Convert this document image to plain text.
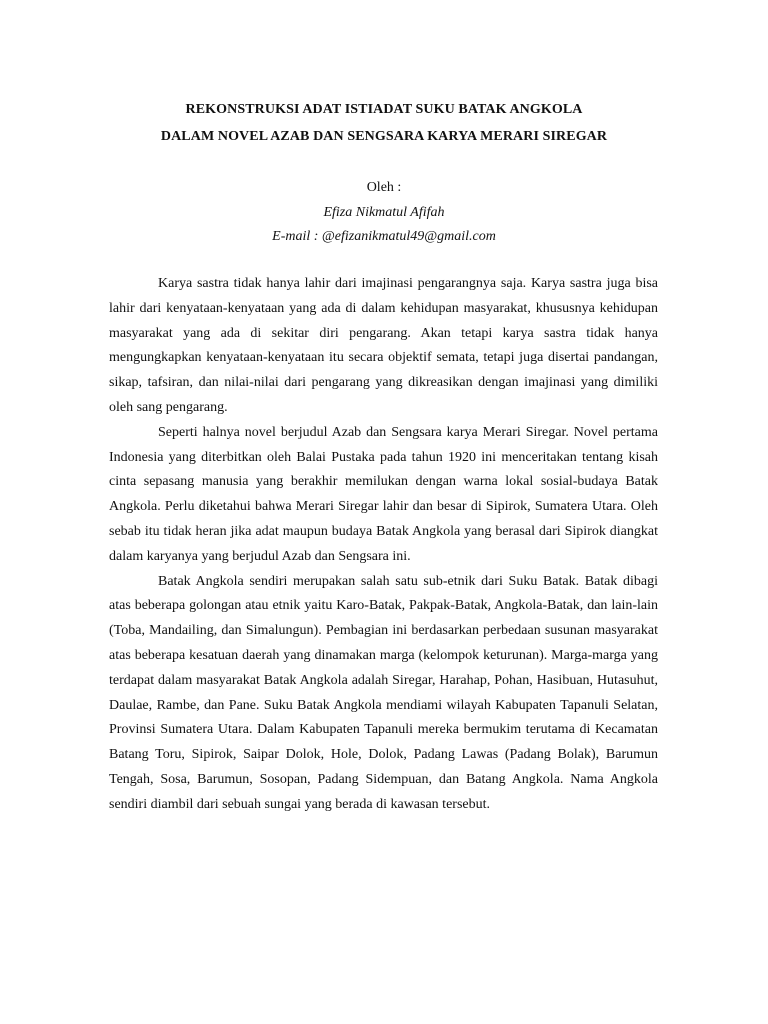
REKONSTRUKSI ADAT ISTIADAT SUKU BATAK ANGKOLA
DALAM NOVEL AZAB DAN SENGSARA KARYA MERARI SIREGAR
Oleh :
Efiza Nikmatul Afifah
E-mail : @efizanikmatul49@gmail.com

Karya sastra tidak hanya lahir dari imajinasi pengarangnya saja. Karya sastra juga bisa lahir dari kenyataan-kenyataan yang ada di dalam kehidupan masyarakat, khususnya kehidupan masyarakat yang ada di sekitar diri pengarang. Akan tetapi karya sastra tidak hanya mengungkapkan kenyataan-kenyataan itu secara objektif semata, tetapi juga disertai pandangan, sikap, tafsiran, dan nilai-nilai dari pengarang yang dikreasikan dengan imajinasi yang dimiliki oleh sang pengarang.

Seperti halnya novel berjudul Azab dan Sengsara karya Merari Siregar. Novel pertama Indonesia yang diterbitkan oleh Balai Pustaka pada tahun 1920 ini menceritakan tentang kisah cinta sepasang manusia yang berakhir memilukan dengan warna lokal sosial-budaya Batak Angkola. Perlu diketahui bahwa Merari Siregar lahir dan besar di Sipirok, Sumatera Utara. Oleh sebab itu tidak heran jika adat maupun budaya Batak Angkola yang berasal dari Sipirok diangkat dalam karyanya yang berjudul Azab dan Sengsara ini.

Batak Angkola sendiri merupakan salah satu sub-etnik dari Suku Batak. Batak dibagi atas beberapa golongan atau etnik yaitu Karo-Batak, Pakpak-Batak, Angkola-Batak, dan lain-lain (Toba, Mandailing, dan Simalungun). Pembagian ini berdasarkan perbedaan susunan masyarakat atas beberapa kesatuan daerah yang dinamakan marga (kelompok keturunan). Marga-marga yang terdapat dalam masyarakat Batak Angkola adalah Siregar, Harahap, Pohan, Hasibuan, Hutasuhut, Daulae, Rambe, dan Pane. Suku Batak Angkola mendiami wilayah Kabupaten Tapanuli Selatan, Provinsi Sumatera Utara. Dalam Kabupaten Tapanuli mereka bermukim terutama di Kecamatan Batang Toru, Sipirok, Saipar Dolok, Hole, Dolok, Padang Lawas (Padang Bolak), Barumun Tengah, Sosa, Barumun, Sosopan, Padang Sidempuan, dan Batang Angkola. Nama Angkola sendiri diambil dari sebuah sungai yang berada di kawasan tersebut.
